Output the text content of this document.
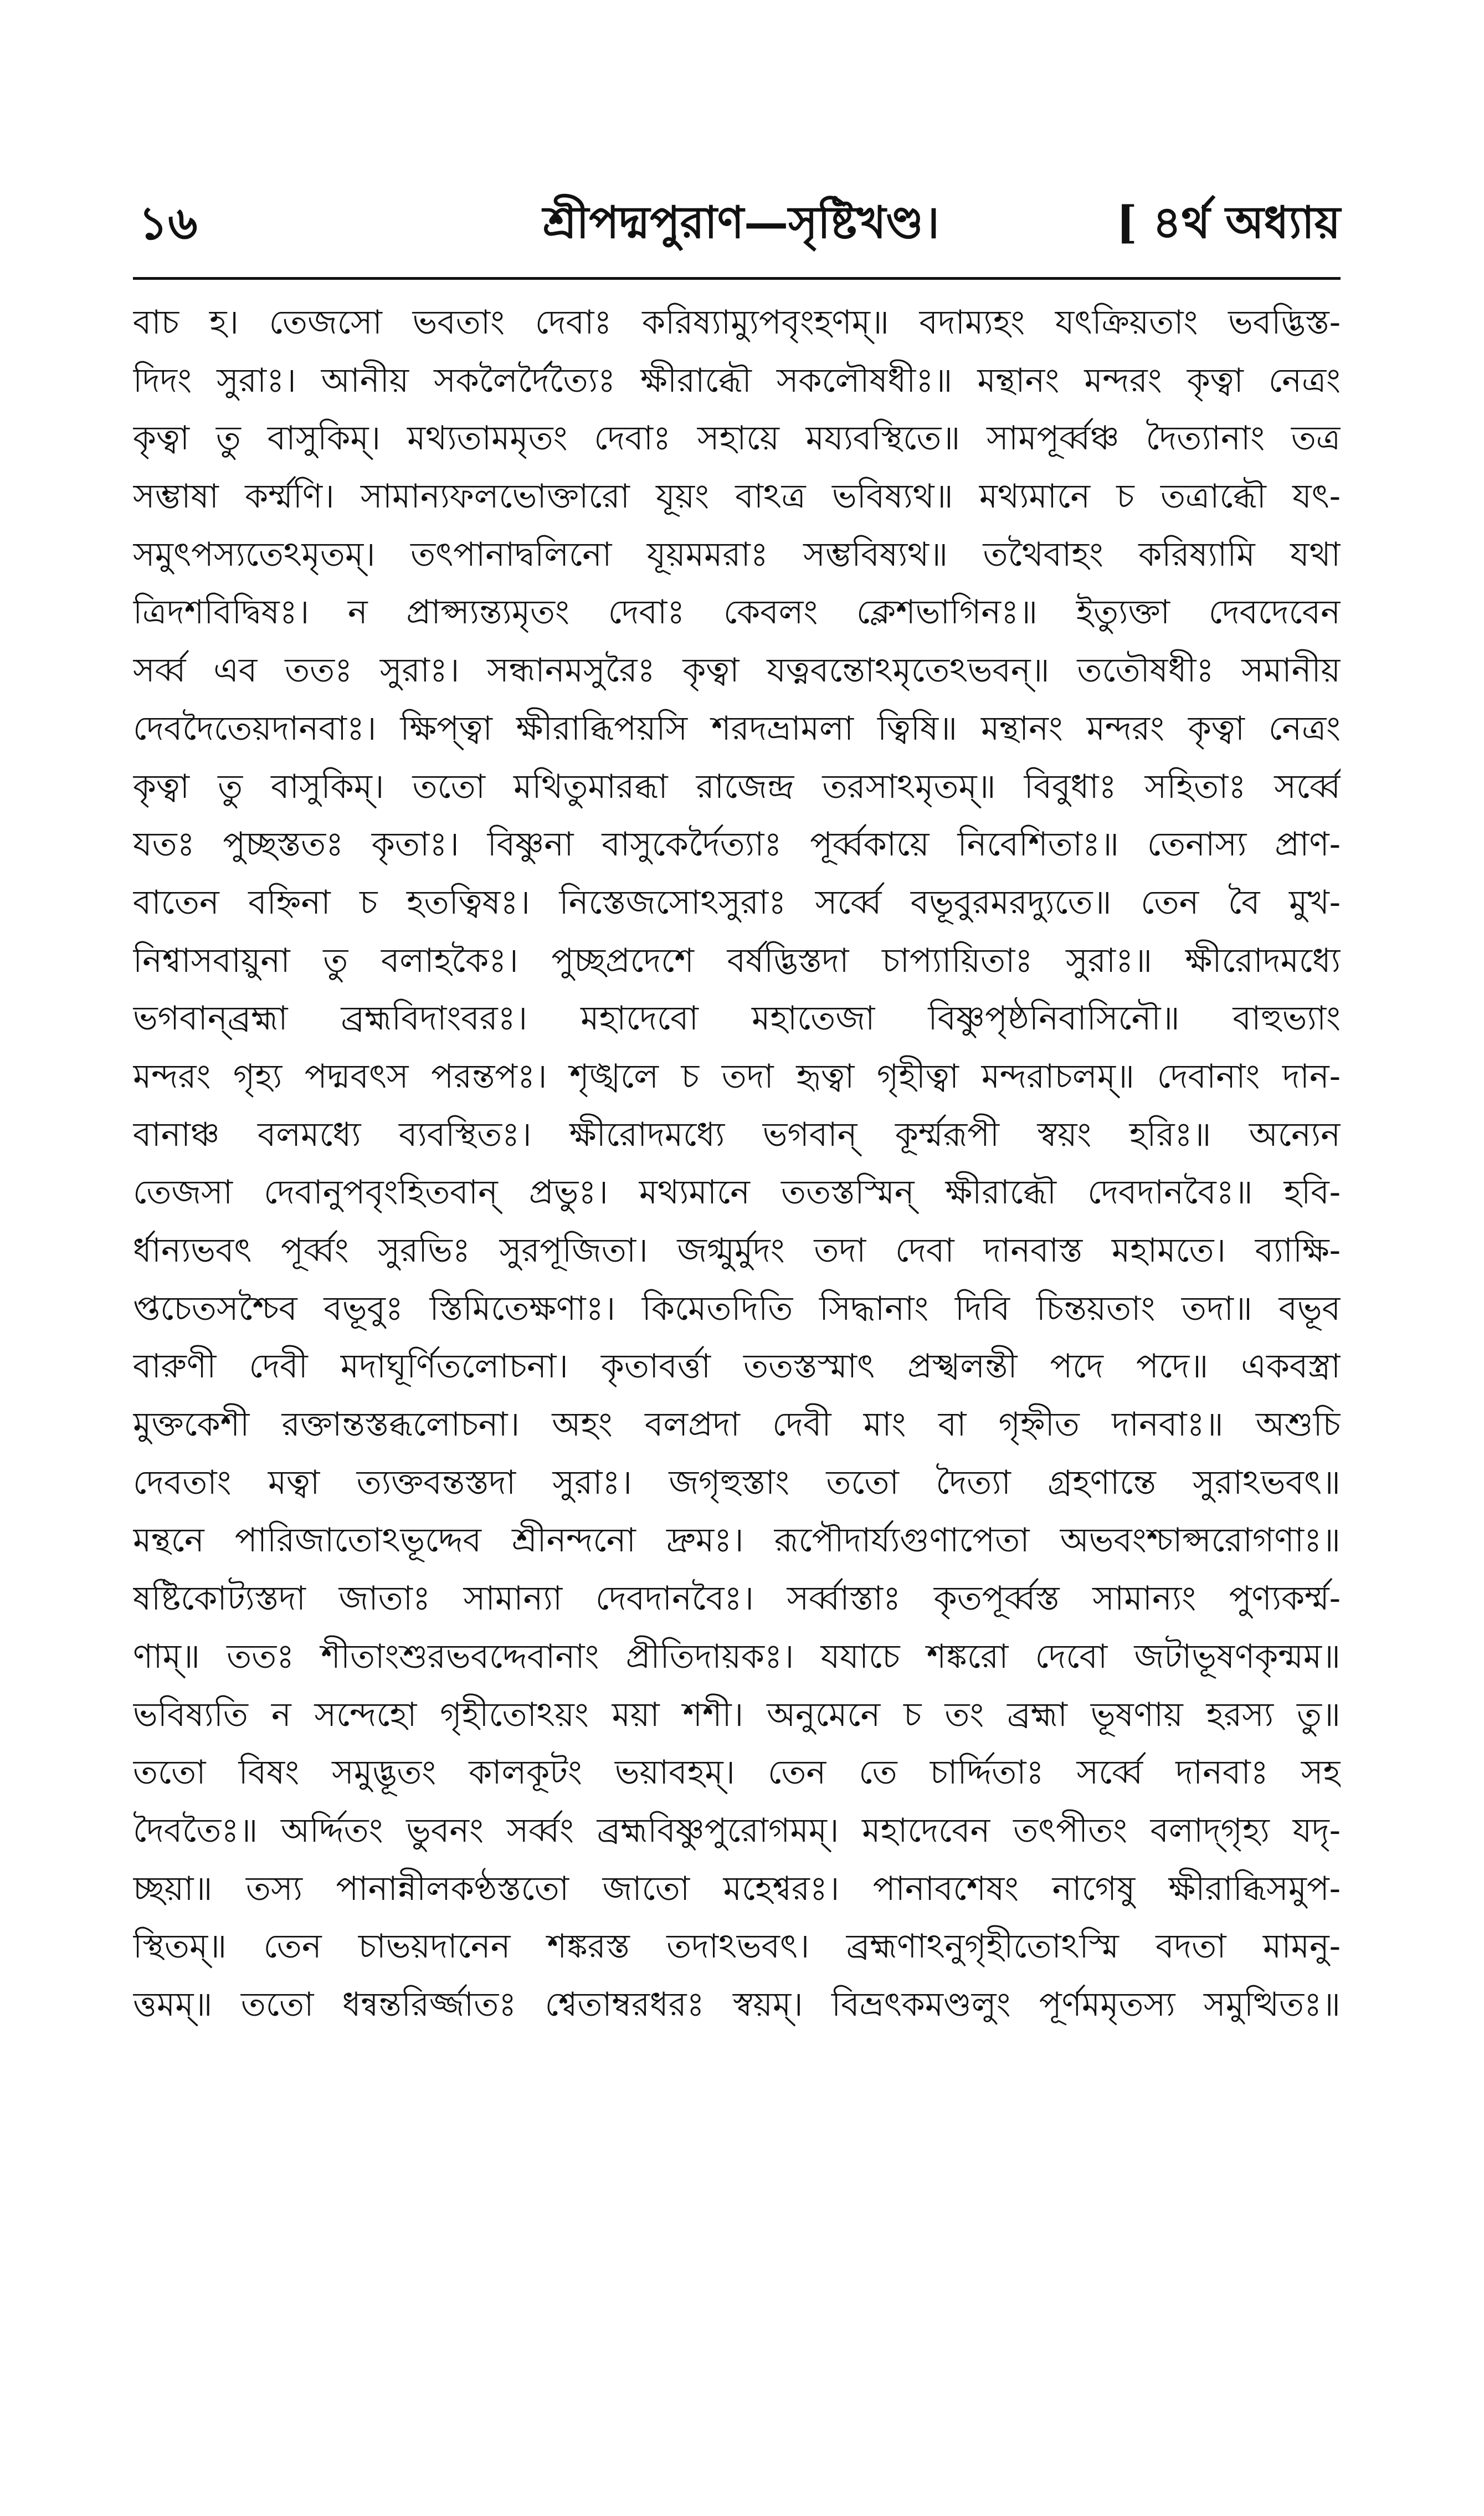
১৬	শ্রীপদ্মপুরাণ—সৃষ্টিখণ্ড।	[ ৪র্থ অধ্যায়
বাচ হ। তেজসো ভবতাং দেবাঃ করিষ্যাম্যুপবৃংহণম্‌॥ বদাম্যহং যৎক্রিয়তাং ভবদ্ভিস্ত-
দিদং সুরাঃ। আনীয় সকলৈর্দৈত্যৈঃ ক্ষীরাব্ধৌ সকলৌষধীঃ॥ মন্থানং মন্দরং কৃত্বা নেত্রং
কৃত্বা তু বাসুকিম্‌। মথ্যতামমৃতং দেবাঃ সহায়ে ময্যবস্থিতে॥ সামপূর্ব্বঞ্চ দৈত্যানাং তত্র
সম্ভাষা কর্ম্মণি। সামান্যফলভোক্তারো যূয়ং বাঽত্র ভবিষ্যথ॥ মথ্যমানে চ তত্রাব্ধৌ যৎ-
সমুৎপস্যতেঽমৃতম্‌। তৎপানাদ্বলিনো যূয়মমরাঃ সম্ভবিষ্যথ॥ তথৈবাহং করিষ্যামি যথা
ত্রিদশবিদ্বিষঃ। ন প্রাপ্স্যন্ত্যমৃতং দেবাঃ কেবলং ক্লেশভাগিনঃ॥ ইত্যুক্তা দেবদেবেন
সর্ব্ব এব ততঃ সুরাঃ। সন্ধানমসুরৈঃ কৃত্বা যত্নবন্তোঽমৃতেঽভবন্‌॥ ততৌষধীঃ সমানীয়
দেবদৈতেয়দানবাঃ। ক্ষিপ্ত্বা ক্ষীরাব্ধিপয়সি শরদভ্রামলা ত্বিষি॥ মন্থানং মন্দরং কৃত্বা নেত্রং
কৃত্বা তু বাসুকিম্‌। ততো মথিতুমারব্ধা রাজেন্দ্র তরসাঽমৃতম্‌॥ বিবুধাঃ সহিতাঃ সর্ব্বে
যতঃ পুচ্ছস্ততঃ কৃতাঃ। বিষ্ণুনা বাসুকের্দৈত্যাঃ পূর্ব্বকায়ে নিবেশিতাঃ॥ তেনাস্য প্রাণ-
বাতেন বহ্নিনা চ হতত্বিষঃ। নিস্তেজসোঽসুরাঃ সর্ব্বে বভূবুরমরদ্যুতে॥ তেন বৈ মুখ-
নিশ্বাসবায়ুনা তু বলাহকৈঃ। পুচ্ছপ্রদেশে বর্ষদ্ভিস্তদা চাপ্যায়িতাঃ সুরাঃ॥ ক্ষীরোদমধ্যে
ভগবান্‌ব্রহ্মা ব্রহ্মবিদাংবরঃ। মহাদেবো মহাতেজা বিষ্ণুপৃষ্ঠনিবাসিনৌ॥ বাহুভ্যাং
মন্দরং গৃহ্য পদ্মবৎস পরন্তপঃ। শৃঙ্খলে চ তদা হৃত্বা গৃহীত্বা মন্দরাচলম্‌॥ দেবানাং দান-
বানাঞ্চ বলমধ্যে ব্যবস্থিতঃ। ক্ষীরোদমধ্যে ভগবান্‌ কূর্ম্মরূপী স্বয়ং হরিঃ॥ অন্যেন
তেজসা দেবানুপবৃংহিতবান্‌ প্রভুঃ। মথ্যমানে ততস্তস্মিন্‌ ক্ষীরাব্ধৌ দেবদানবৈঃ॥ হবি-
র্ধান্যভবৎ পূর্ব্বং সুরভিঃ সুরপূজিতা। জগ্মুর্মুদং তদা দেবা দানবাস্ত মহামতে। ব্যাক্ষি-
প্তচেতসশ্চৈব বভূবুঃ স্তিমিতেক্ষণাঃ। কিমেতদিতি সিদ্ধানাং দিবি চিন্তয়তাং তদা॥ বভূব
বারুণী দেবী মদাঘূর্ণিতলোচনা। কৃতাবর্ত্তা ততস্তস্মাৎ প্রস্খলন্তী পদে পদে॥ একবস্ত্রা
মুক্তকেশী রক্তান্তস্তব্ধলোচনা। অহং বলপ্রদা দেবী মাং বা গৃহ্নীত দানবাঃ॥ অশুচি
দেবতাং মত্বা ত্যক্তবন্তস্তদা সুরাঃ। জগৃহুস্তাং ততো দৈত্যা গ্রহণান্তে সুরাঽভবৎ॥
মন্থনে পারিজাতোঽভূদ্দেব শ্রীনন্দনো দ্রুমঃ। রূপৌদার্য্যগুণাপেতা অভবংশ্চাপ্সরোগণাঃ॥
ষষ্টিকোট্যস্তদা জাতাঃ সামান্যা দেবদানবৈঃ। সর্ব্বাস্তাঃ কৃতপূর্ব্বস্ত সামান্যং পুণ্যকর্ম্ম-
ণাম্‌॥ ততঃ শীতাংশুরভবদ্দেবানাং প্রীতিদায়কঃ। যযাচে শঙ্করো দেবো জটাভূষণকৃন্মম॥
ভবিষ্যতি ন সন্দেহো গৃহীতোঽয়ং ময়া শশী। অনুমেনে চ তং ব্রহ্মা ভূষণায় হরস্য তু॥
ততো বিষং সমুদ্ভূতং কালকূটং ভয়াবহম্‌। তেন তে চার্দ্দিতাঃ সর্ব্বে দানবাঃ সহ
দৈবতৈঃ॥ অর্দ্দিতং ভুবনং সর্ব্বং ব্রহ্মবিষ্ণুপুরোগমম্‌। মহাদেবেন তৎপীতং বলাদ্‌গৃহ্য যদৃ-
চ্ছয়া॥ তস্য পানান্নীলকণ্ঠস্ততো জাতো মহেশ্বরঃ। পানাবশেষং নাগেষু ক্ষীরাব্ধিসমুপ-
স্থিতম্‌॥ তেন চাভয়দানেন শঙ্করস্ত তদাঽভবৎ। ব্রহ্মণাঽনুগৃহীতোঽস্মি বদতা মামনু-
ত্তমম্‌॥ ততো ধন্বন্তরির্জ্জাতঃ শ্বেতাম্বরধরঃ স্বয়ম্‌। বিভ্রৎকমণ্ডলুং পূর্ণমমৃতস্য সমুত্থিতঃ॥
